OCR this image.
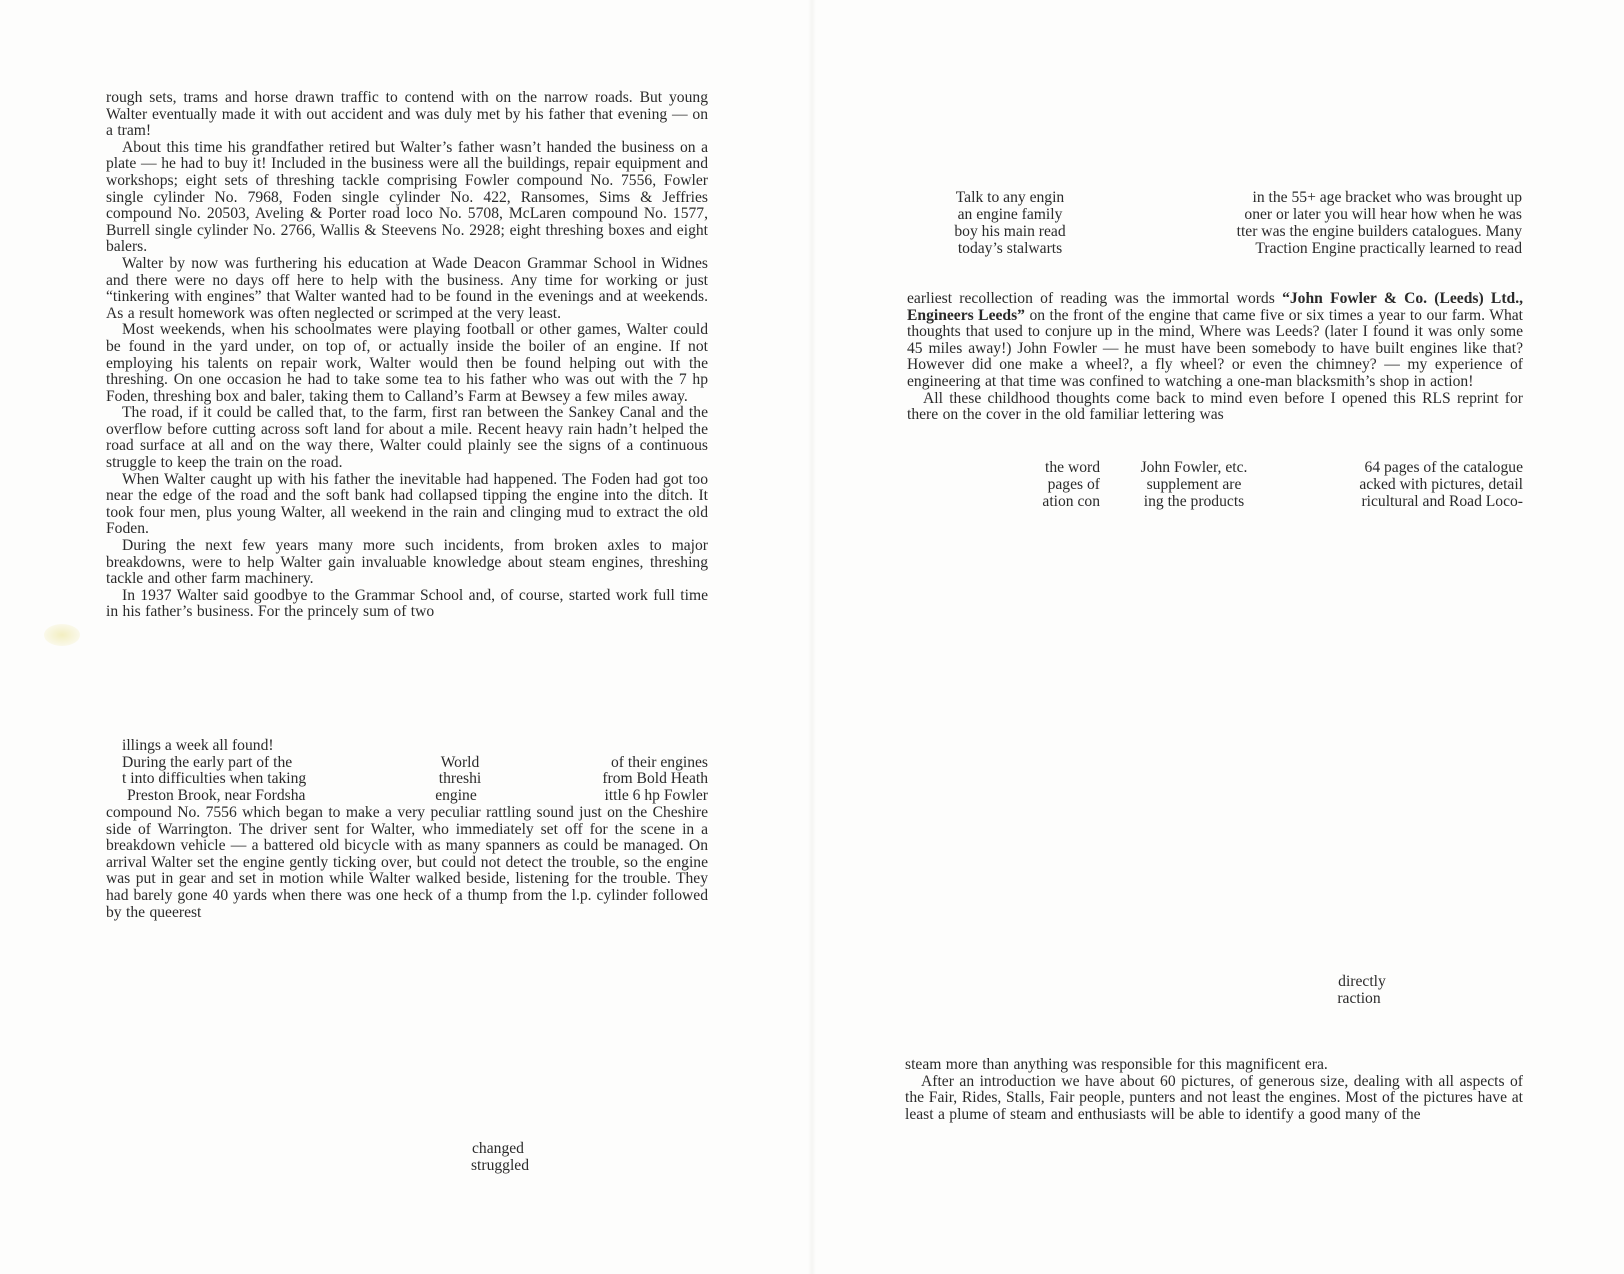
rough sets, trams and horse drawn traffic to contend with on the narrow roads. But young Walter eventually made it with out accident and was duly met by his father that evening — on a tram!

About this time his grandfather retired but Walter’s father wasn’t handed the business on a plate — he had to buy it! Included in the business were all the buildings, repair equipment and workshops; eight sets of threshing tackle comprising Fowler compound No. 7556, Fowler single cylinder No. 7968, Foden single cylinder No. 422, Ransomes, Sims & Jeffries compound No. 20503, Aveling & Porter road loco No. 5708, McLaren compound No. 1577, Burrell single cylinder No. 2766, Wallis & Steevens No. 2928; eight threshing boxes and eight balers.

Walter by now was furthering his education at Wade Deacon Grammar School in Widnes and there were no days off here to help with the business. Any time for working or just “tinkering with engines” that Walter wanted had to be found in the evenings and at weekends. As a result homework was often neglected or scrimped at the very least.

Most weekends, when his schoolmates were playing football or other games, Walter could be found in the yard under, on top of, or actually inside the boiler of an engine. If not employing his talents on repair work, Walter would then be found helping out with the threshing. On one occasion he had to take some tea to his father who was out with the 7 hp Foden, threshing box and baler, taking them to Calland’s Farm at Bewsey a few miles away.

The road, if it could be called that, to the farm, first ran between the Sankey Canal and the overflow before cutting across soft land for about a mile. Recent heavy rain hadn’t helped the road surface at all and on the way there, Walter could plainly see the signs of a continuous struggle to keep the train on the road.

When Walter caught up with his father the inevitable had happened. The Foden had got too near the edge of the road and the soft bank had collapsed tipping the engine into the ditch. It took four men, plus young Walter, all weekend in the rain and clinging mud to extract the old Foden.

During the next few years many more such incidents, from broken axles to major breakdowns, were to help Walter gain invaluable knowledge about steam engines, threshing tackle and other farm machinery.

In 1937 Walter said goodbye to the Grammar School and, of course, started work full time in his father’s business. For the princely sum of two

illings a week all found!
During the early part of the
t into difficulties when taking
Preston Brook, near Fordsha
World
threshi
engine
of their engines
from Bold Heath
ittle 6 hp Fowler

compound No. 7556 which began to make a very peculiar rattling sound just on the Cheshire side of Warrington. The driver sent for Walter, who immediately set off for the scene in a breakdown vehicle — a battered old bicycle with as many spanners as could be managed. On arrival Walter set the engine gently ticking over, but could not detect the trouble, so the engine was put in gear and set in motion while Walter walked beside, listening for the trouble. They had barely gone 40 yards when there was one heck of a thump from the l.p. cylinder followed by the queerest

changed
struggled
Talk to any engin
an engine family
boy his main read
today’s stalwarts
in the 55+ age bracket who was brought up
oner or later you will hear how when he was
tter was the engine builders catalogues. Many
Traction Engine practically learned to read

earliest recollection of reading was the immortal words “John Fowler & Co. (Leeds) Ltd., Engineers Leeds” on the front of the engine that came five or six times a year to our farm. What thoughts that used to conjure up in the mind, Where was Leeds? (later I found it was only some 45 miles away!) John Fowler — he must have been somebody to have built engines like that? However did one make a wheel?, a fly wheel? or even the chimney? — my experience of engineering at that time was confined to watching a one-man blacksmith’s shop in action!

All these childhood thoughts come back to mind even before I opened this RLS reprint for there on the cover in the old familiar lettering was

the word
pages of
ation con
John Fowler, etc.
supplement are
ing the products
64 pages of the catalogue
acked with pictures, detail
ricultural and Road Loco-
directly
raction

steam more than anything was responsible for this magnificent era.

After an introduction we have about 60 pictures, of generous size, dealing with all aspects of the Fair, Rides, Stalls, Fair people, punters and not least the engines. Most of the pictures have at least a plume of steam and enthusiasts will be able to identify a good many of the
